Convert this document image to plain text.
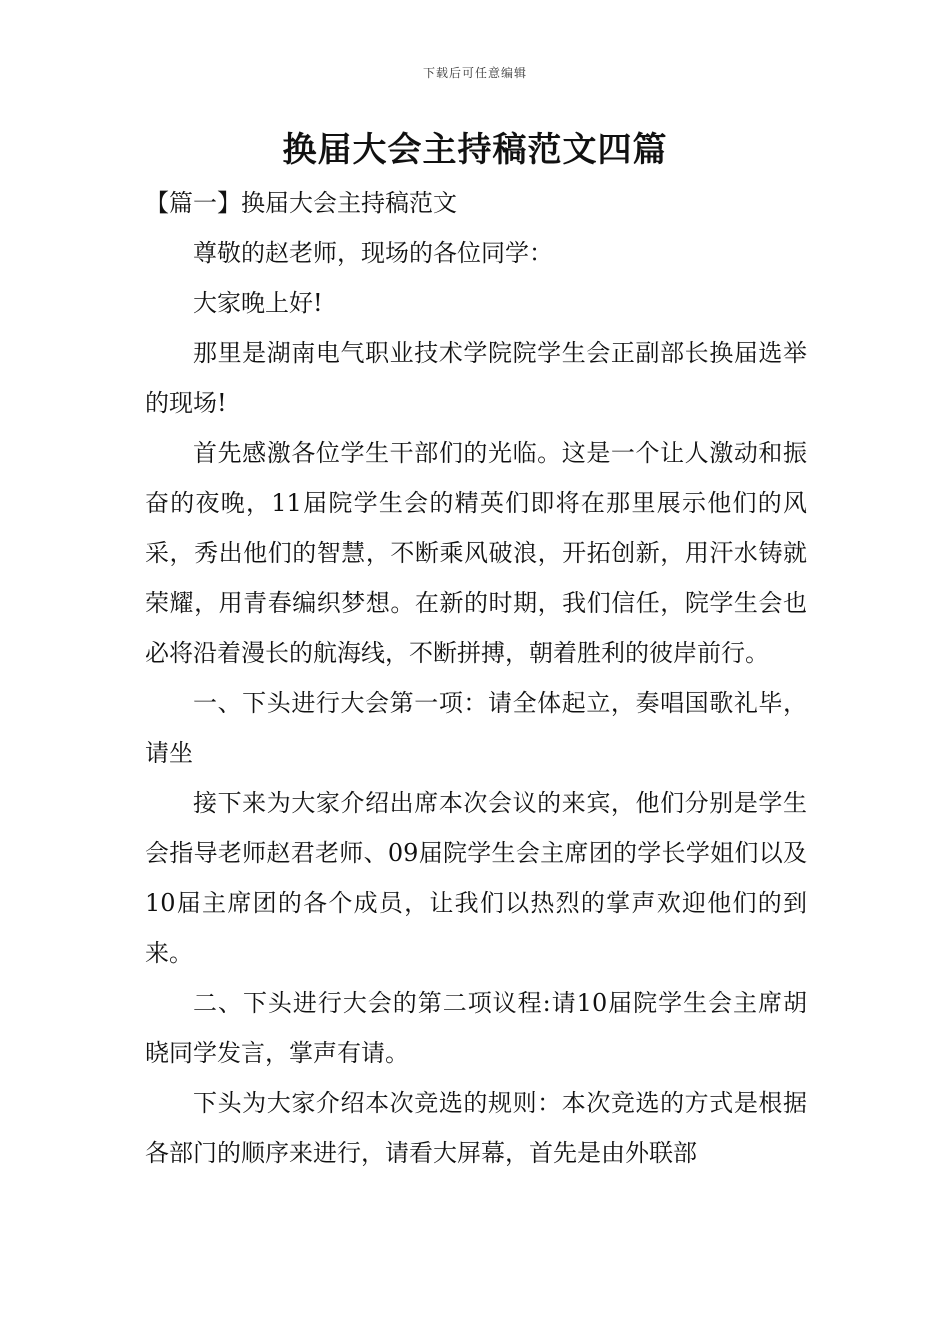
下载后可任意编辑
换届大会主持稿范文四篇

【篇一】换届大会主持稿范文

尊敬的赵老师，现场的各位同学：

大家晚上好!

那里是湖南电气职业技术学院院学生会正副部长换届选举的现场!

首先感激各位学生干部们的光临。这是一个让人激动和振奋的夜晚，11届院学生会的精英们即将在那里展示他们的风采，秀出他们的智慧，不断乘风破浪，开拓创新，用汗水铸就荣耀，用青春编织梦想。在新的时期，我们信任，院学生会也必将沿着漫长的航海线，不断拼搏，朝着胜利的彼岸前行。

一、下头进行大会第一项：请全体起立，奏唱国歌礼毕，请坐

接下来为大家介绍出席本次会议的来宾，他们分别是学生会指导老师赵君老师、09届院学生会主席团的学长学姐们以及10届主席团的各个成员，让我们以热烈的掌声欢迎他们的到来。

二、下头进行大会的第二项议程:请10届院学生会主席胡晓同学发言，掌声有请。

下头为大家介绍本次竞选的规则：本次竞选的方式是根据各部门的顺序来进行，请看大屏幕，首先是由外联部
